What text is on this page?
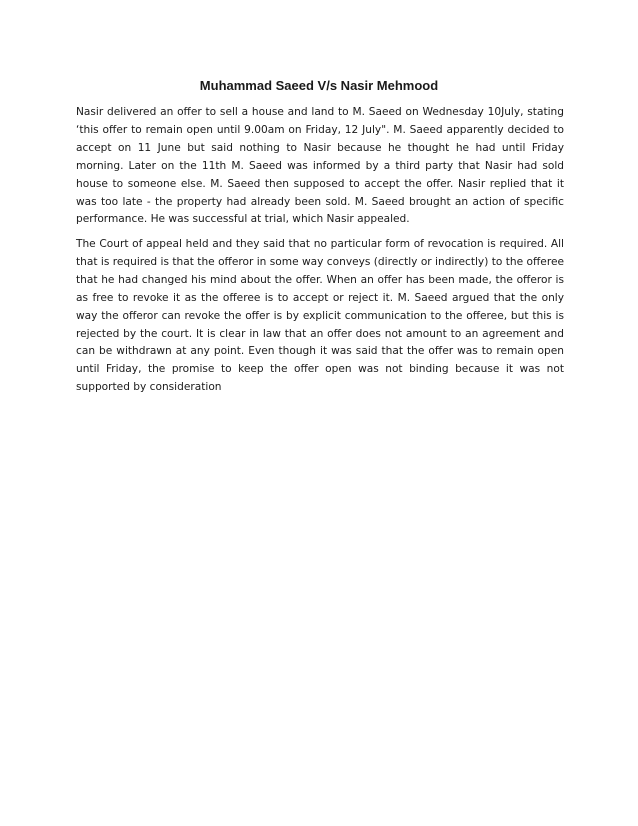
Muhammad Saeed V/s Nasir Mehmood

Nasir delivered an offer to sell a house and land to M. Saeed on Wednesday 10July, stating ‘this offer to remain open until 9.00am on Friday, 12 July". M. Saeed apparently decided to accept on 11 June but said nothing to Nasir because he thought he had until Friday morning. Later on the 11th M. Saeed was informed by a third party that Nasir had sold house to someone else. M. Saeed then supposed to accept the offer. Nasir replied that it was too late - the property had already been sold. M. Saeed brought an action of specific performance. He was successful at trial, which Nasir appealed.

The Court of appeal held and they said that no particular form of revocation is required. All that is required is that the offeror in some way conveys (directly or indirectly) to the offeree that he had changed his mind about the offer. When an offer has been made, the offeror is as free to revoke it as the offeree is to accept or reject it. M. Saeed argued that the only way the offeror can revoke the offer is by explicit communication to the offeree, but this is rejected by the court. It is clear in law that an offer does not amount to an agreement and can be withdrawn at any point. Even though it was said that the offer was to remain open until Friday, the promise to keep the offer open was not binding because it was not supported by consideration
